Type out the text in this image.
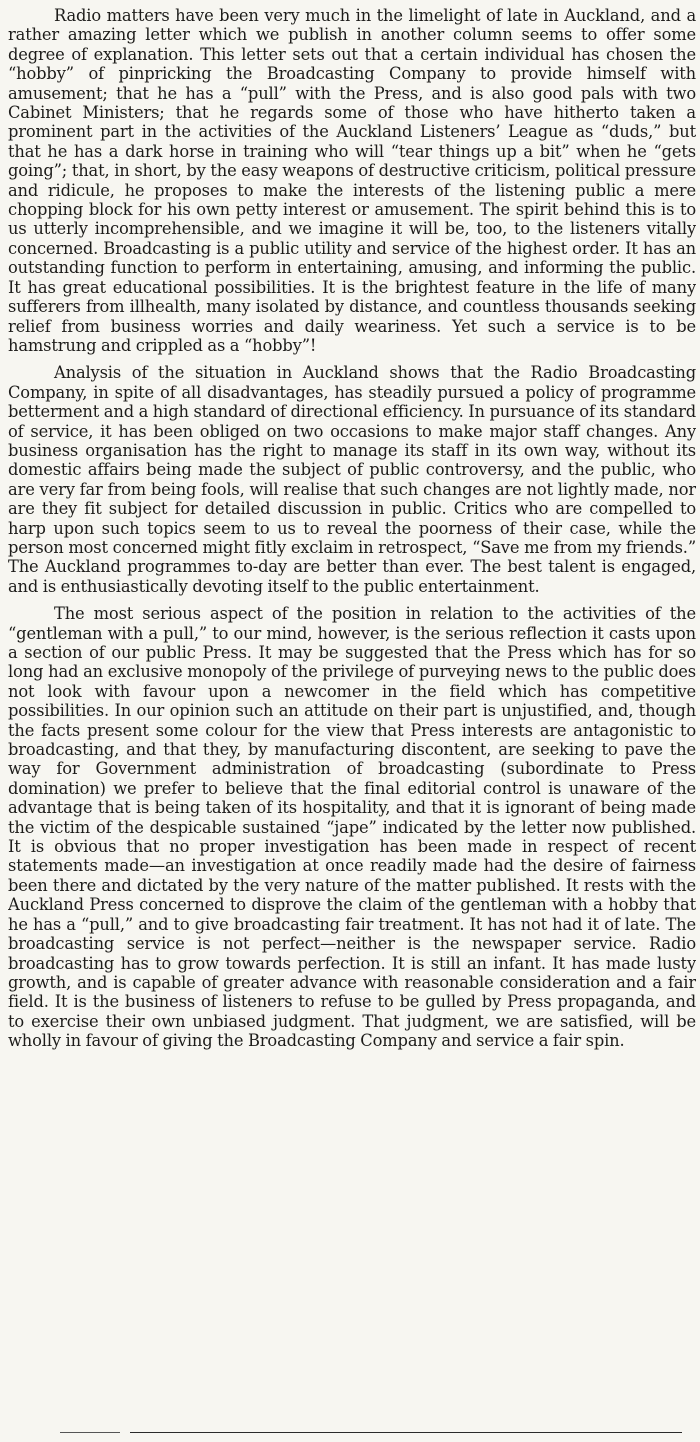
Radio matters have been very much in the limelight of late in Auckland, and a rather amazing letter which we publish in another column seems to offer some degree of explanation. This letter sets out that a certain individual has chosen the “hobby” of pinpricking the Broadcasting Company to provide himself with amusement; that he has a “pull” with the Press, and is also good pals with two Cabinet Ministers; that he regards some of those who have hitherto taken a prominent part in the activities of the Auckland Listeners’ League as “duds,” but that he has a dark horse in training who will “tear things up a bit” when he “gets going”; that, in short, by the easy weapons of destructive criticism, political pressure and ridicule, he proposes to make the interests of the listening public a mere chopping block for his own petty interest or amusement. The spirit behind this is to us utterly incomprehensible, and we imagine it will be, too, to the listeners vitally concerned. Broadcasting is a public utility and service of the highest order. It has an outstanding function to perform in entertaining, amusing, and informing the public. It has great educational possibilities. It is the brightest feature in the life of many sufferers from illhealth, many isolated by distance, and countless thousands seeking relief from business worries and daily weariness. Yet such a service is to be hamstrung and crippled as a “hobby”!

Analysis of the situation in Auckland shows that the Radio Broadcasting Company, in spite of all disadvantages, has steadily pursued a policy of programme betterment and a high standard of directional efficiency. In pursuance of its standard of service, it has been obliged on two occasions to make major staff changes. Any business organisation has the right to manage its staff in its own way, without its domestic affairs being made the subject of public controversy, and the public, who are very far from being fools, will realise that such changes are not lightly made, nor are they fit subject for detailed discussion in public. Critics who are compelled to harp upon such topics seem to us to reveal the poorness of their case, while the person most concerned might fitly exclaim in retrospect, “Save me from my friends.” The Auckland programmes to-day are better than ever. The best talent is engaged, and is enthusiastically devoting itself to the public entertainment.

The most serious aspect of the position in relation to the activities of the “gentleman with a pull,” to our mind, however, is the serious reflection it casts upon a section of our public Press. It may be suggested that the Press which has for so long had an exclusive monopoly of the privilege of purveying news to the public does not look with favour upon a newcomer in the field which has competitive possibilities. In our opinion such an attitude on their part is unjustified, and, though the facts present some colour for the view that Press interests are antagonistic to broadcasting, and that they, by manufacturing discontent, are seeking to pave the way for Government administration of broadcasting (subordinate to Press domination) we prefer to believe that the final editorial control is unaware of the advantage that is being taken of its hospitality, and that it is ignorant of being made the victim of the despicable sustained “jape” indicated by the letter now published. It is obvious that no proper investigation has been made in respect of recent statements made—an investigation at once readily made had the desire of fairness been there and dictated by the very nature of the matter published. It rests with the Auckland Press concerned to disprove the claim of the gentleman with a hobby that he has a “pull,” and to give broadcasting fair treatment. It has not had it of late. The broadcasting service is not perfect—neither is the newspaper service. Radio broadcasting has to grow towards perfection. It is still an infant. It has made lusty growth, and is capable of greater advance with reasonable consideration and a fair field. It is the business of listeners to refuse to be gulled by Press propaganda, and to exercise their own unbiased judgment. That judgment, we are satisfied, will be wholly in favour of giving the Broadcasting Company and service a fair spin.
